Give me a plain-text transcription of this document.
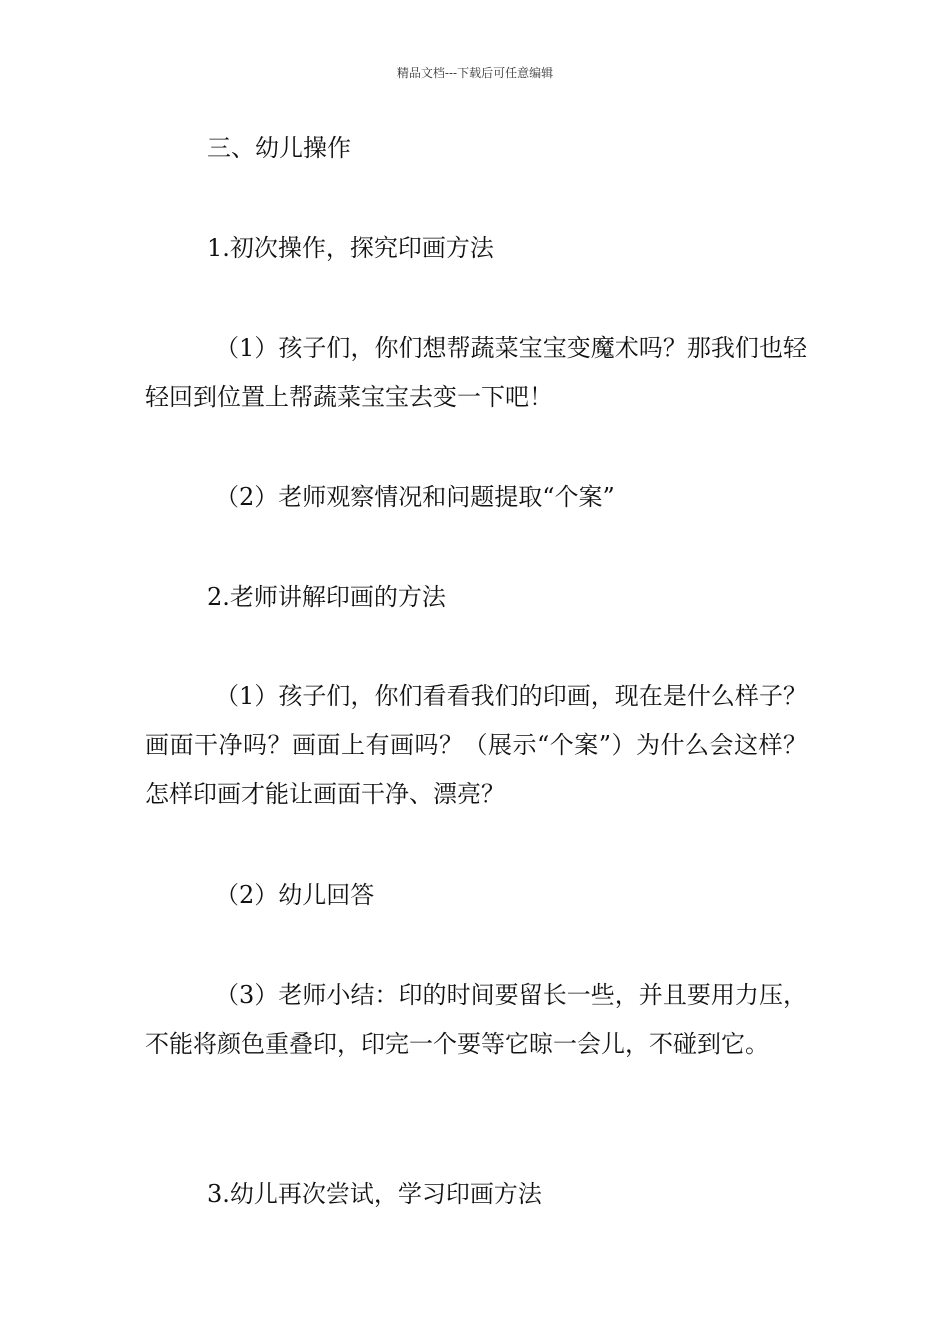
精品文档---下载后可任意编辑

三、幼儿操作

1.初次操作，探究印画方法

（1）孩子们，你们想帮蔬菜宝宝变魔术吗？那我们也轻轻回到位置上帮蔬菜宝宝去变一下吧！

（2）老师观察情况和问题提取“个案”

2.老师讲解印画的方法

（1）孩子们，你们看看我们的印画，现在是什么样子？画面干净吗？画面上有画吗？（展示“个案”）为什么会这样？怎样印画才能让画面干净、漂亮？

（2）幼儿回答

（3）老师小结：印的时间要留长一些，并且要用力压，不能将颜色重叠印，印完一个要等它晾一会儿，不碰到它。

3.幼儿再次尝试，学习印画方法
